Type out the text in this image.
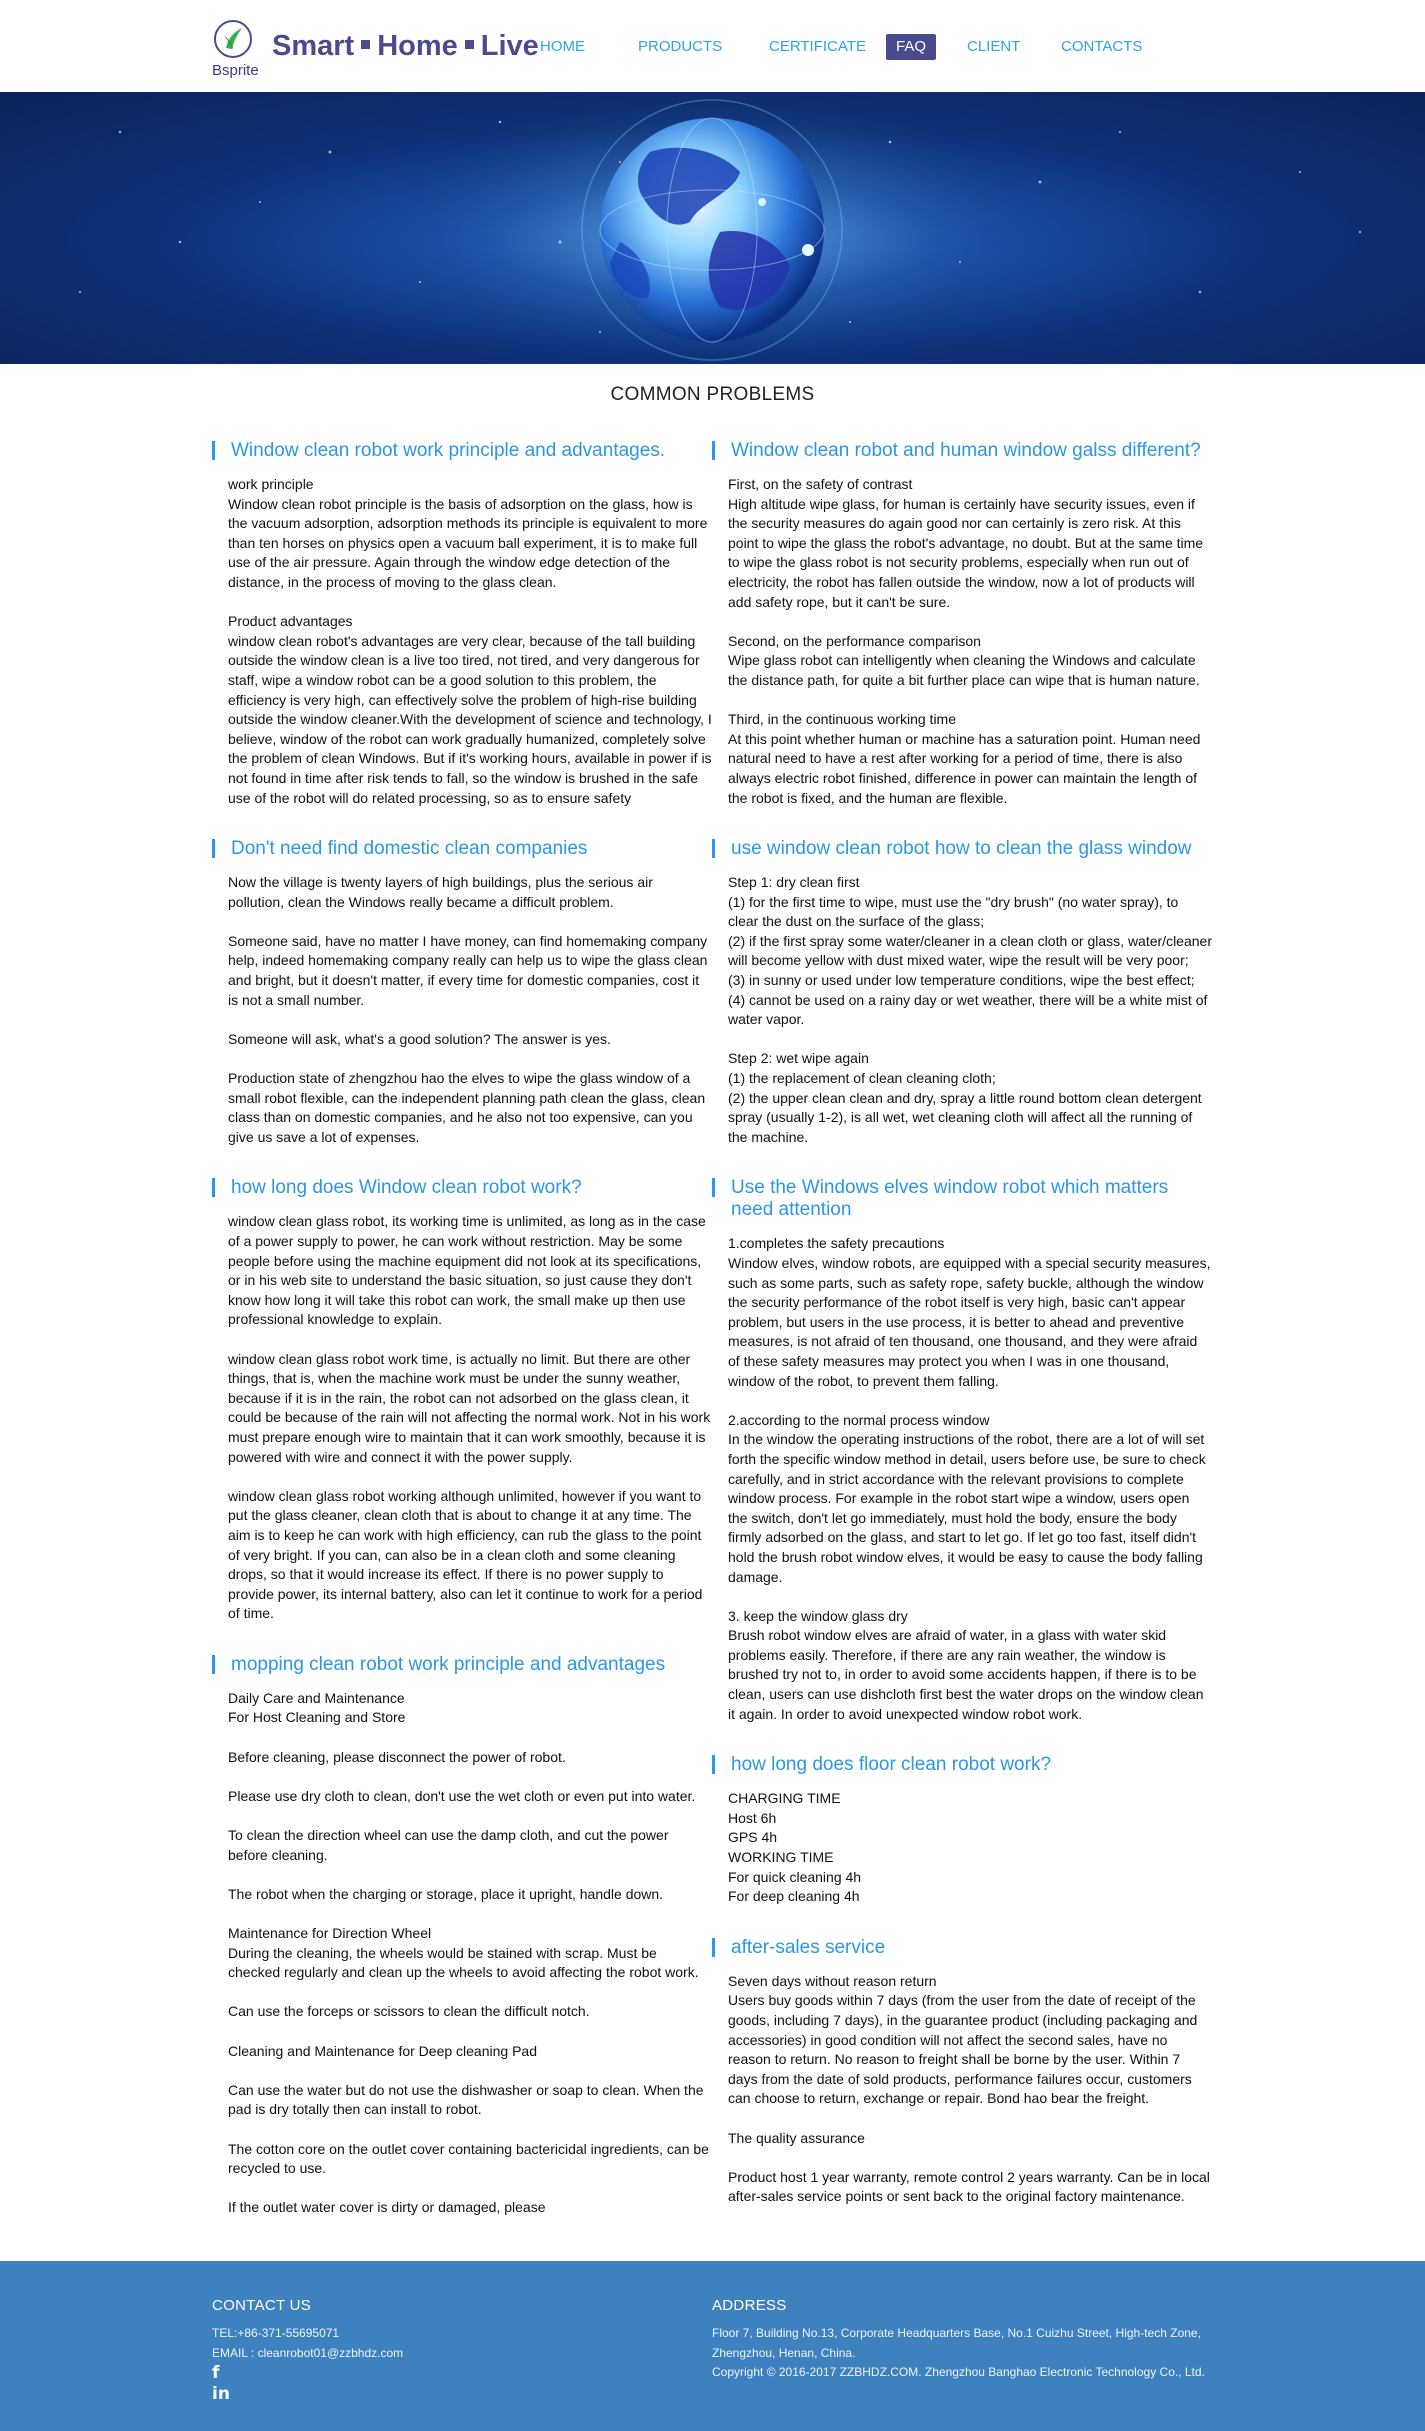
Bsprite
Smart Home Live HOME	PRODUCTS	CERTIFICATE	FAQ	CLIENT	CONTACTS
COMMON PROBLEMS
Window clean robot work principle and advantages.

work principle

Window clean robot principle is the basis of adsorption on the glass, how is the vacuum adsorption, adsorption methods its principle is equivalent to more than ten horses on physics open a vacuum ball experiment, it is to make full use of the air pressure. Again through the window edge detection of the distance, in the process of moving to the glass clean.

Product advantages

window clean robot's advantages are very clear, because of the tall building outside the window clean is a live too tired, not tired, and very dangerous for staff, wipe a window robot can be a good solution to this problem, the efficiency is very high, can effectively solve the problem of high-rise building outside the window cleaner.With the development of science and technology, I believe, window of the robot can work gradually humanized, completely solve the problem of clean Windows. But if it's working hours, available in power if is not found in time after risk tends to fall, so the window is brushed in the safe use of the robot will do related processing, so as to ensure safety

Don't need find domestic clean companies

Now the village is twenty layers of high buildings, plus the serious air pollution, clean the Windows really became a difficult problem.

Someone said, have no matter I have money, can find homemaking company help, indeed homemaking company really can help us to wipe the glass clean and bright, but it doesn't matter, if every time for domestic companies, cost it is not a small number.

Someone will ask, what's a good solution? The answer is yes.

Production state of zhengzhou hao the elves to wipe the glass window of a small robot flexible, can the independent planning path clean the glass, clean class than on domestic companies, and he also not too expensive, can you give us save a lot of expenses.

how long does Window clean robot work?

window clean glass robot, its working time is unlimited, as long as in the case of a power supply to power, he can work without restriction. May be some people before using the machine equipment did not look at its specifications, or in his web site to understand the basic situation, so just cause they don't know how long it will take this robot can work, the small make up then use professional knowledge to explain.

window clean glass robot work time, is actually no limit. But there are other things, that is, when the machine work must be under the sunny weather, because if it is in the rain, the robot can not adsorbed on the glass clean, it could be because of the rain will not affecting the normal work. Not in his work must prepare enough wire to maintain that it can work smoothly, because it is powered with wire and connect it with the power supply.

window clean glass robot working although unlimited, however if you want to put the glass cleaner, clean cloth that is about to change it at any time. The aim is to keep he can work with high efficiency, can rub the glass to the point of very bright. If you can, can also be in a clean cloth and some cleaning drops, so that it would increase its effect. If there is no power supply to provide power, its internal battery, also can let it continue to work for a period of time.

mopping clean robot work principle and advantages

Daily Care and Maintenance

For Host Cleaning and Store

Before cleaning, please disconnect the power of robot.

Please use dry cloth to clean, don't use the wet cloth or even put into water.

To clean the direction wheel can use the damp cloth, and cut the power before cleaning.

The robot when the charging or storage, place it upright, handle down.

Maintenance for Direction Wheel

During the cleaning, the wheels would be stained with scrap. Must be checked regularly and clean up the wheels to avoid affecting the robot work.

Can use the forceps or scissors to clean the difficult notch.

Cleaning and Maintenance for Deep cleaning Pad

Can use the water but do not use the dishwasher or soap to clean. When the pad is dry totally then can install to robot.

The cotton core on the outlet cover containing bactericidal ingredients, can be recycled to use.

If the outlet water cover is dirty or damaged, please

Window clean robot and human window galss different?

First, on the safety of contrast

High altitude wipe glass, for human is certainly have security issues, even if the security measures do again good nor can certainly is zero risk. At this point to wipe the glass the robot's advantage, no doubt. But at the same time to wipe the glass robot is not security problems, especially when run out of electricity, the robot has fallen outside the window, now a lot of products will add safety rope, but it can't be sure.

Second, on the performance comparison

Wipe glass robot can intelligently when cleaning the Windows and calculate the distance path, for quite a bit further place can wipe that is human nature.

Third, in the continuous working time

At this point whether human or machine has a saturation point. Human need natural need to have a rest after working for a period of time, there is also always electric robot finished, difference in power can maintain the length of the robot is fixed, and the human are flexible.

use window clean robot how to clean the glass window

Step 1: dry clean first

(1) for the first time to wipe, must use the "dry brush" (no water spray), to clear the dust on the surface of the glass;

(2) if the first spray some water/cleaner in a clean cloth or glass, water/cleaner will become yellow with dust mixed water, wipe the result will be very poor;

(3) in sunny or used under low temperature conditions, wipe the best effect;

(4) cannot be used on a rainy day or wet weather, there will be a white mist of water vapor.

Step 2: wet wipe again

(1) the replacement of clean cleaning cloth;

(2) the upper clean clean and dry, spray a little round bottom clean detergent spray (usually 1-2), is all wet, wet cleaning cloth will affect all the running of the machine.

Use the Windows elves window robot which matters need attention

1.completes the safety precautions

Window elves, window robots, are equipped with a special security measures, such as some parts, such as safety rope, safety buckle, although the window the security performance of the robot itself is very high, basic can't appear problem, but users in the use process, it is better to ahead and preventive measures, is not afraid of ten thousand, one thousand, and they were afraid of these safety measures may protect you when I was in one thousand, window of the robot, to prevent them falling.

2.according to the normal process window

In the window the operating instructions of the robot, there are a lot of will set forth the specific window method in detail, users before use, be sure to check carefully, and in strict accordance with the relevant provisions to complete window process. For example in the robot start wipe a window, users open the switch, don't let go immediately, must hold the body, ensure the body firmly adsorbed on the glass, and start to let go. If let go too fast, itself didn't hold the brush robot window elves, it would be easy to cause the body falling damage.

3. keep the window glass dry

Brush robot window elves are afraid of water, in a glass with water skid problems easily. Therefore, if there are any rain weather, the window is brushed try not to, in order to avoid some accidents happen, if there is to be clean, users can use dishcloth first best the water drops on the window clean it again. In order to avoid unexpected window robot work.

how long does floor clean robot work?

CHARGING TIME

Host 6h

GPS 4h

WORKING TIME

For quick cleaning 4h

For deep cleaning 4h

after-sales service

Seven days without reason return

Users buy goods within 7 days (from the user from the date of receipt of the goods, including 7 days), in the guarantee product (including packaging and accessories) in good condition will not affect the second sales, have no reason to return. No reason to freight shall be borne by the user. Within 7 days from the date of sold products, performance failures occur, customers can choose to return, exchange or repair. Bond hao bear the freight.

The quality assurance

Product host 1 year warranty, remote control 2 years warranty. Can be in local after-sales service points or sent back to the original factory maintenance.

CONTACT US
TEL:+86-371-55695071
EMAIL : cleanrobot01@zzbhdz.com
f
in
ADDRESS
Floor 7, Building No.13, Corporate Headquarters Base, No.1 Cuizhu Street, High-tech Zone,
Zhengzhou, Henan, China.
Copyright © 2016-2017 ZZBHDZ.COM. Zhengzhou Banghao Electronic Technology Co., Ltd.
